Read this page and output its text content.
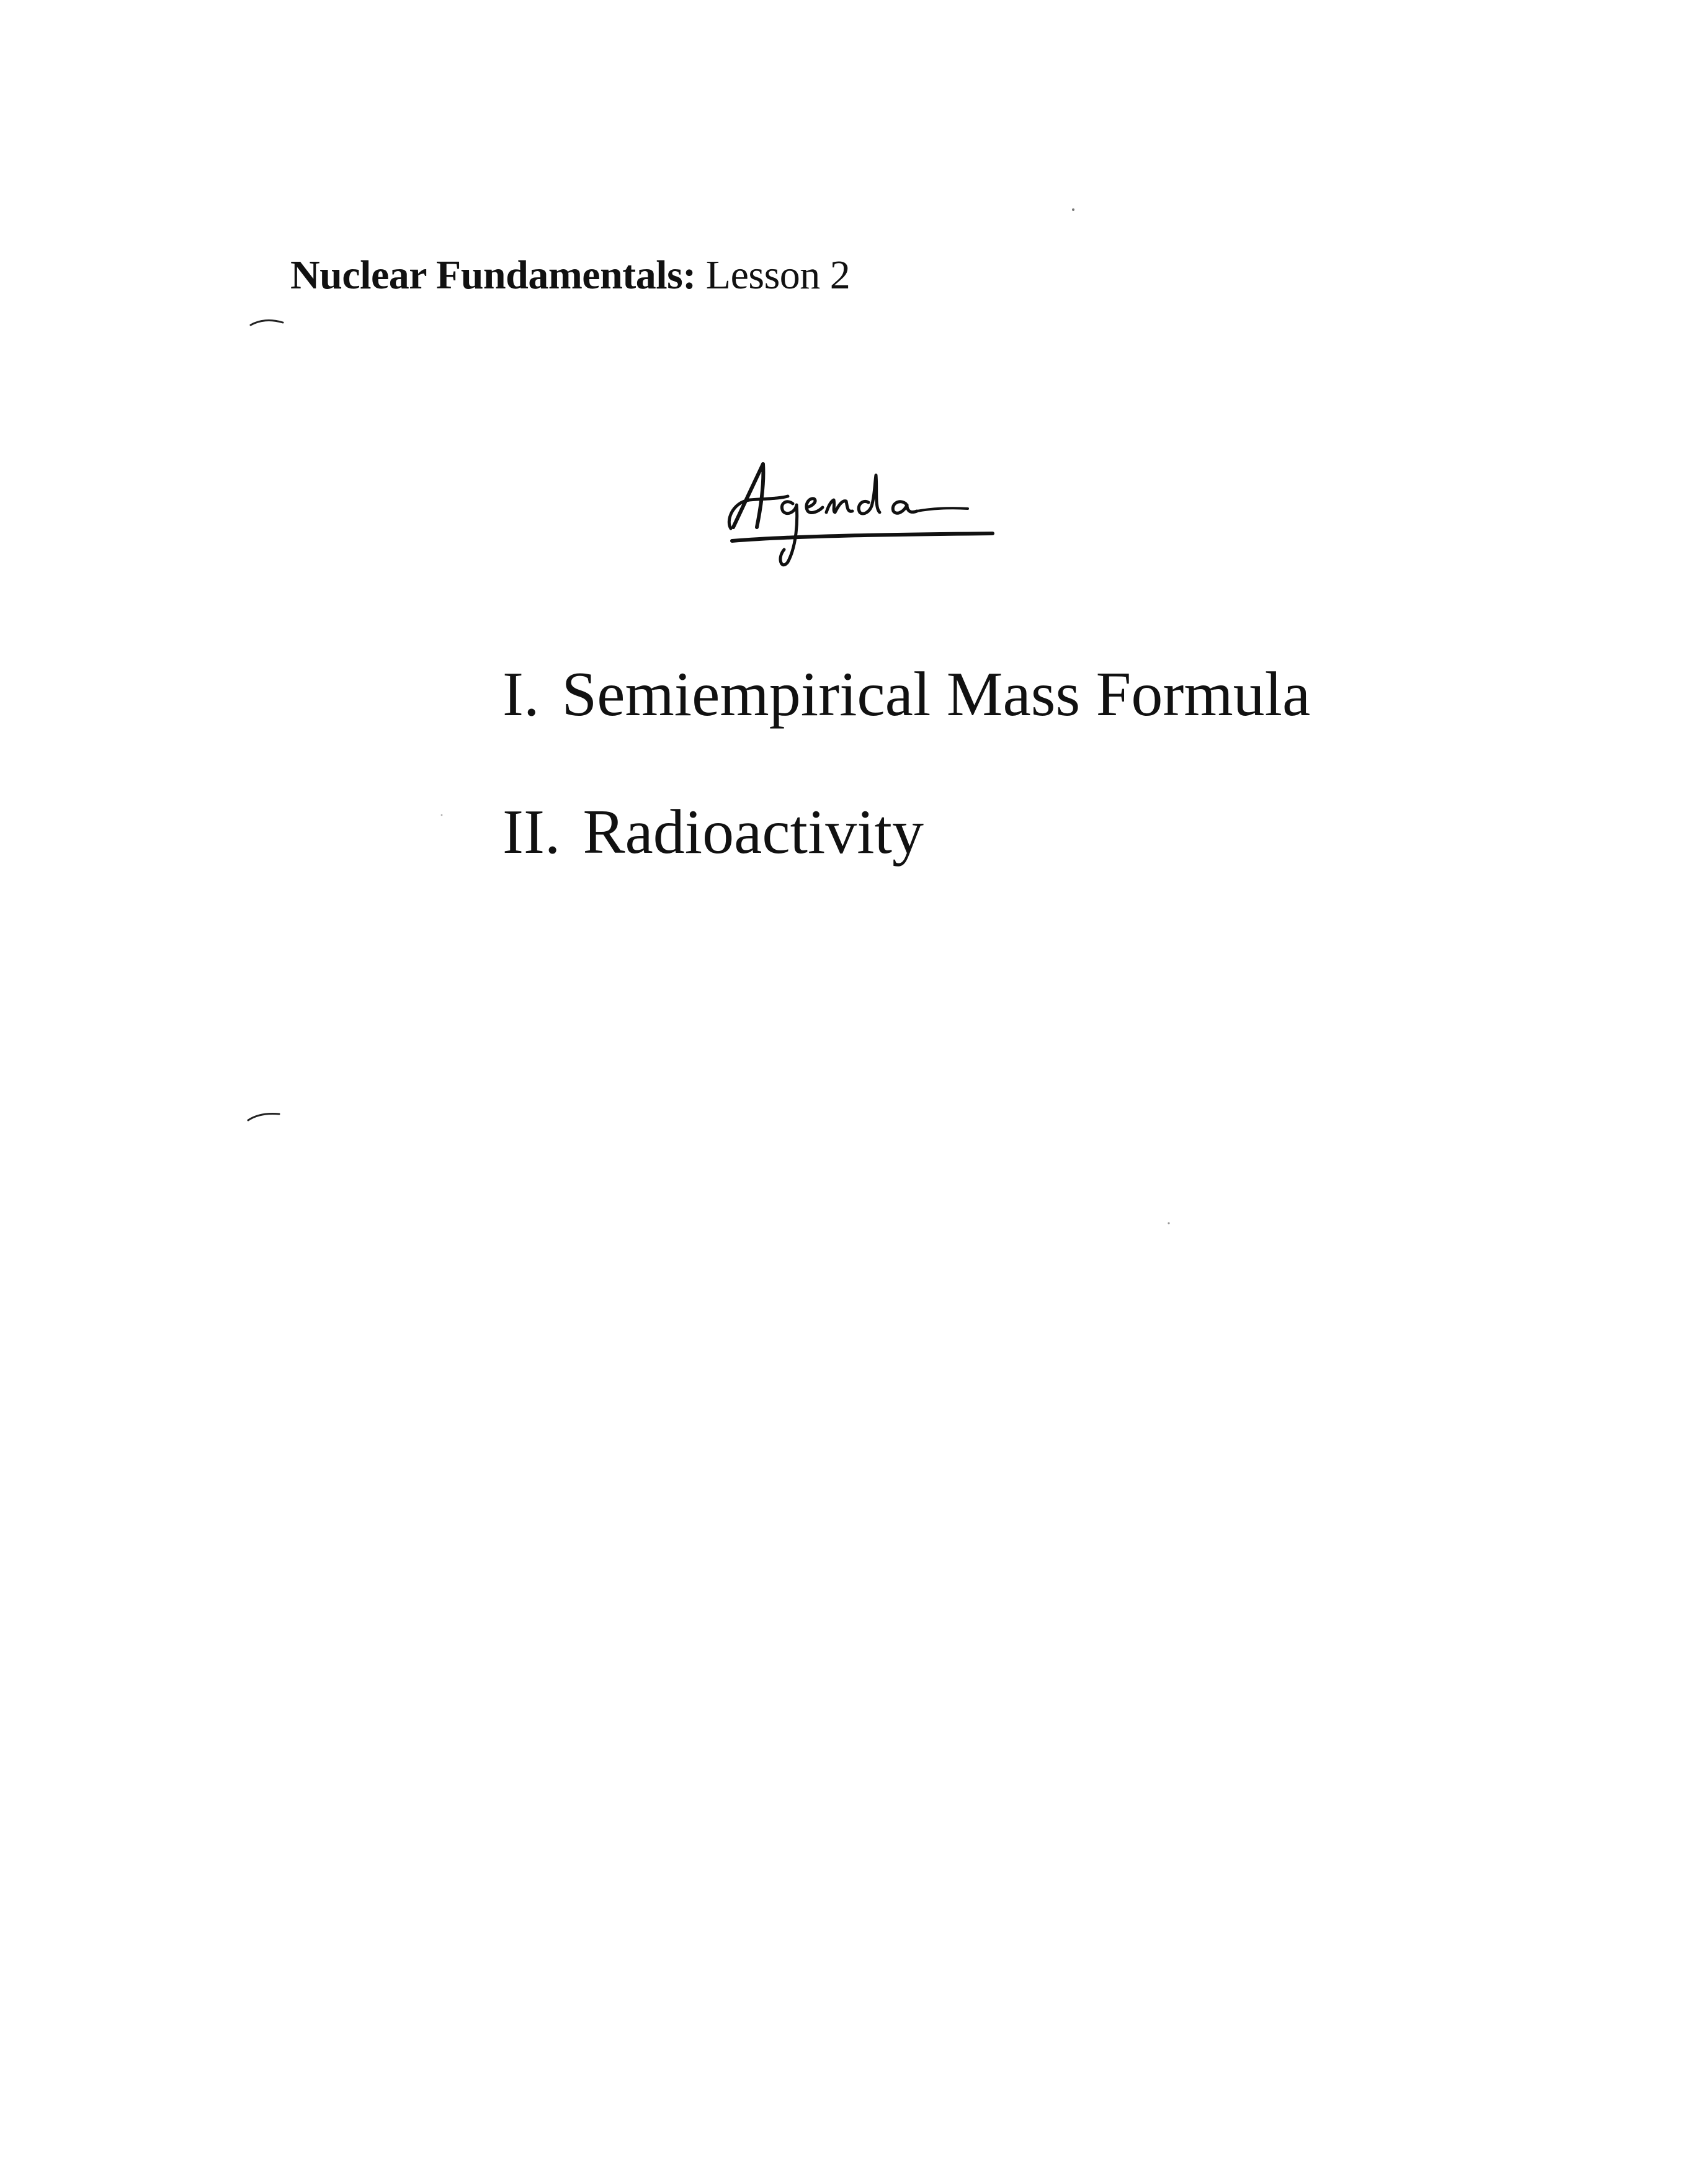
Nuclear Fundamentals: Lesson 2
I. Semiempirical Mass Formula
II. Radioactivity
